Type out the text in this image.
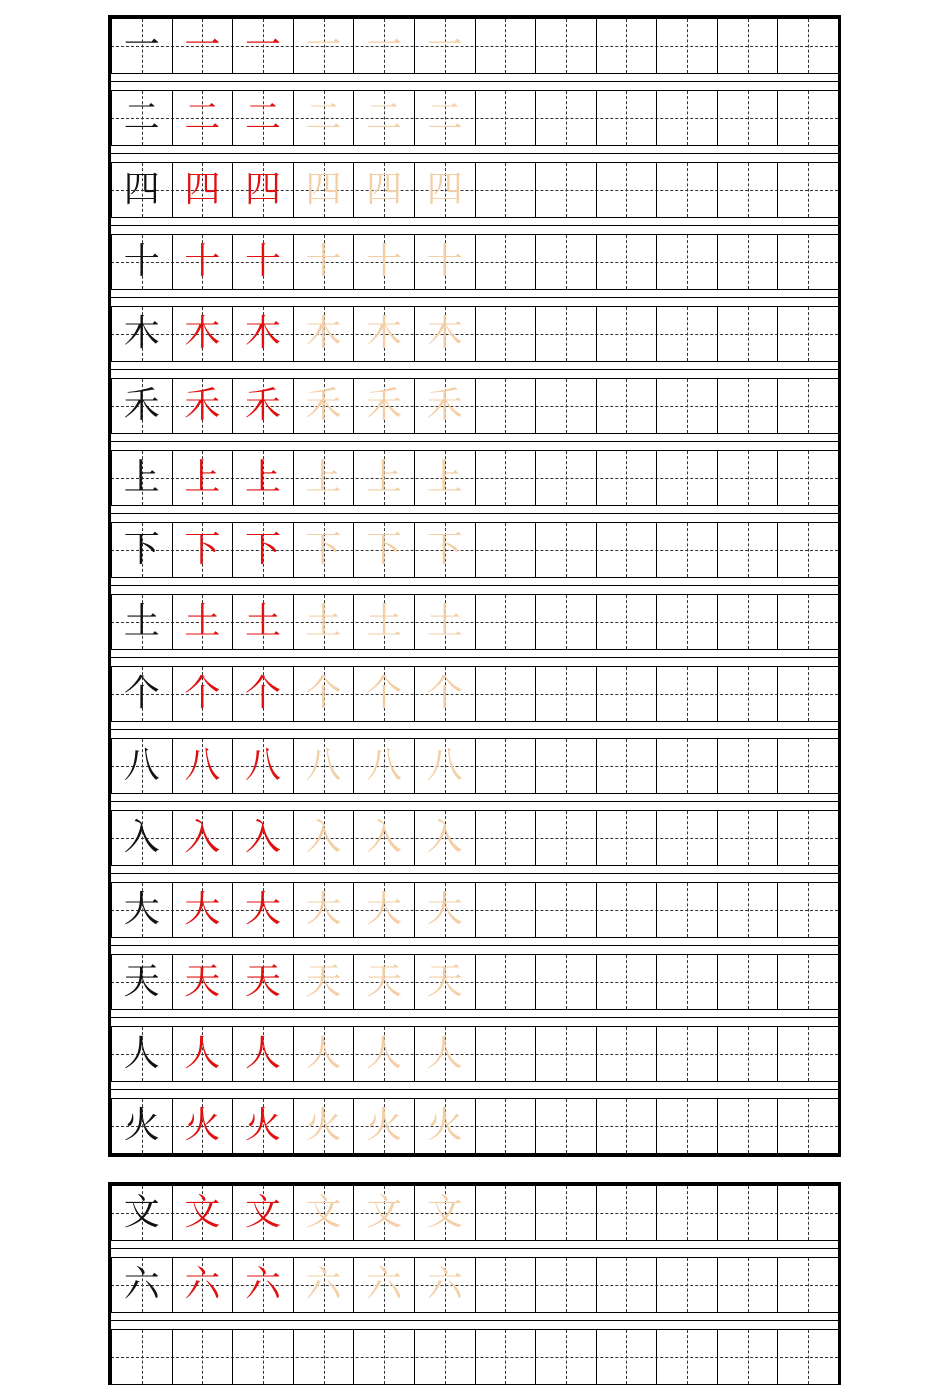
一 一 一 一 一 一
二 二 二 二 二 二
四 四 四 四 四 四
十 十 十 十 十 十
木 木 木 木 木 木
禾 禾 禾 禾 禾 禾
上 上 上 上 上 上
下 下 下 下 下 下
土 土 土 土 土 土
个 个 个 个 个 个
八 八 八 八 八 八
入 入 入 入 入 入
大 大 大 大 大 大
天 天 天 天 天 天
人 人 人 人 人 人
火 火 火 火 火 火
文 文 文 文 文 文
六 六 六 六 六 六
